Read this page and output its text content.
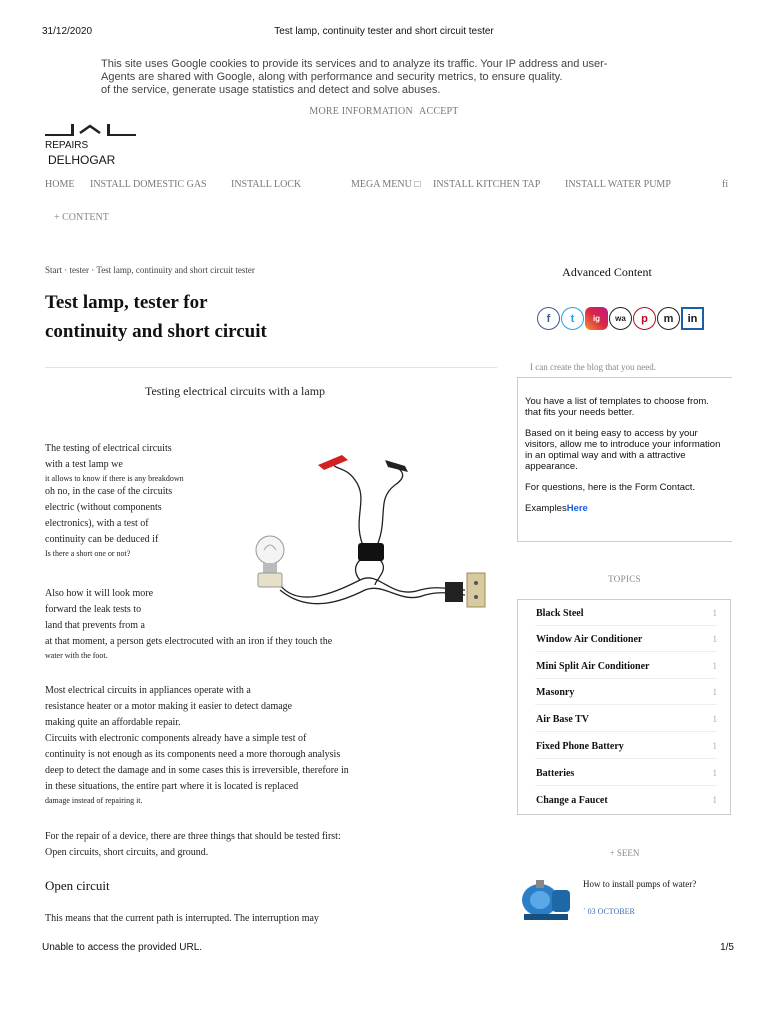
31/12/2020	Test lamp, continuity tester and short circuit tester
This site uses Google cookies to provide its services and to analyze its traffic. Your IP address and user-
Agents are shared with Google, along with performance and security metrics, to ensure quality.
of the service, generate usage statistics and detect and solve abuses.
MORE INFORMATION ACCEPT
REPAIRS
DELHOGAR
HOME INSTALL DOMESTIC GAS INSTALL LOCK	MEGA MENU □ INSTALL KITCHEN TAP INSTALL WATER PUMP	fi
+ CONTENT
Start · tester · Test lamp, continuity and short circuit tester
Test lamp, tester for
continuity and short circuit
Testing electrical circuits with a lamp
The testing of electrical circuits
with a test lamp we
it allows to know if there is any breakdown
oh no, in the case of the circuits
electric (without components
electronics), with a test of
continuity can be deduced if
Is there a short one or not?
Also how it will look more
forward the leak tests to
land that prevents from a
at that moment, a person gets electrocuted with an iron if they touch the
water with the foot.
Most electrical circuits in appliances operate with a
resistance heater or a motor making it easier to detect damage
making quite an affordable repair.
Circuits with electronic components already have a simple test of
continuity is not enough as its components need a more thorough analysis
deep to detect the damage and in some cases this is irreversible, therefore in
in these situations, the entire part where it is located is replaced
damage instead of repairing it.
For the repair of a device, there are three things that should be tested first:
Open circuits, short circuits, and ground.
Open circuit
This means that the current path is interrupted. The interruption may
Advanced Content
f	t	ig	wa	p	m	in
I can create the blog that you need.

You have a list of templates to choose from. that fits your needs better.

Based on it being easy to access by your visitors, allow me to introduce your information in an optimal way and with a attractive appearance.

For questions, here is the Form Contact.

ExamplesHere

TOPICS
Black Steel	1
Window Air Conditioner	1
Mini Split Air Conditioner	1
Masonry	1
Air Base TV	1
Fixed Phone Battery	1
Batteries	1
Change a Faucet	1
+ SEEN
How to install pumps of water?
´ 03 OCTOBER
Unable to access the provided URL.	1/5
